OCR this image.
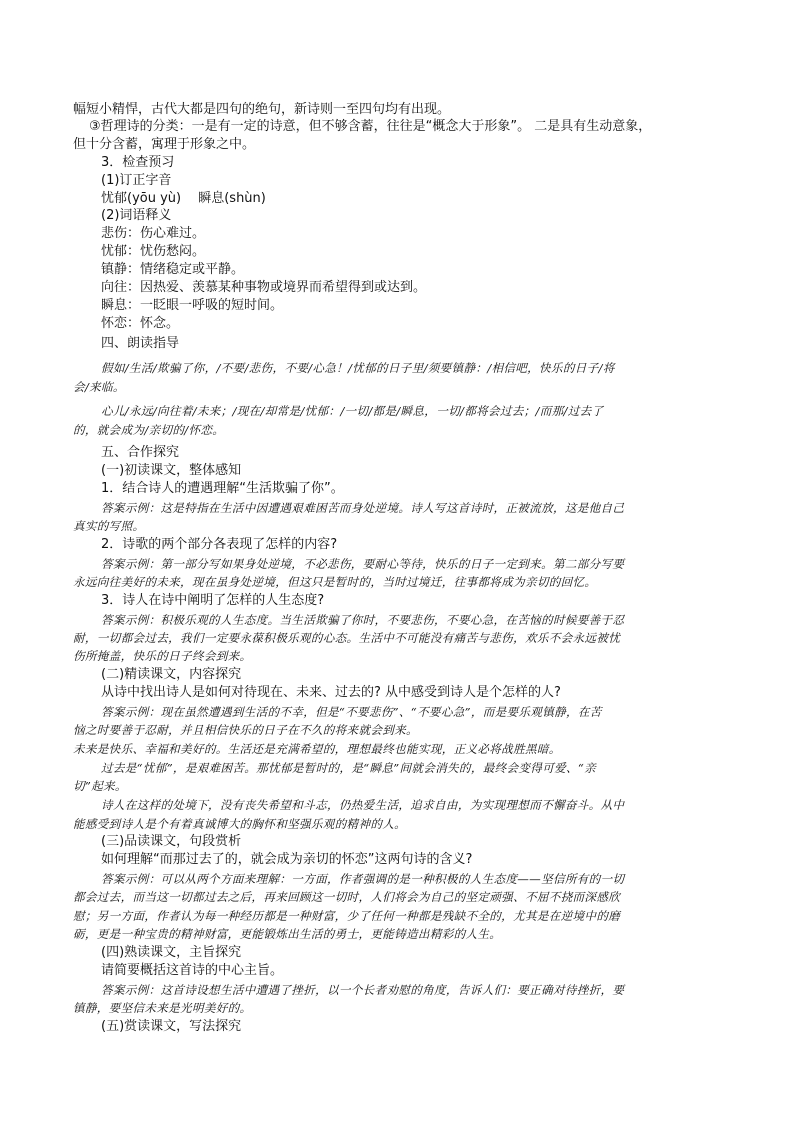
幅短小精悍，古代大都是四句的绝句，新诗则一至四句均有出现。
③哲理诗的分类：一是有一定的诗意，但不够含蓄，往往是“概念大于形象”。 二是具有生动意象，
但十分含蓄，寓理于形象之中。
3．检查预习
(1)订正字音
忧郁(yōu yù)　 瞬息(shùn)
(2)词语释义
悲伤：伤心难过。
忧郁：忧伤愁闷。
镇静：情绪稳定或平静。
向往：因热爱、羡慕某种事物或境界而希望得到或达到。
瞬息：一眨眼一呼吸的短时间。
怀恋：怀念。
四、朗读指导
假如/生活/欺骗了你，/不要/悲伤，不要/心急！/忧郁的日子里/须要镇静：/相信吧，快乐的日子/将
会/来临。
心儿/永远/向往着/未来；/现在/却常是/忧郁：/一切/都是/瞬息，一切/都将会过去；/而那/过去了
的，就会成为/亲切的/怀恋。
五、合作探究
(一)初读课文，整体感知
1．结合诗人的遭遇理解“生活欺骗了你”。
答案示例：这是特指在生活中因遭遇艰难困苦而身处逆境。诗人写这首诗时，正被流放，这是他自己
真实的写照。
2．诗歌的两个部分各表现了怎样的内容?
答案示例：第一部分写如果身处逆境，不必悲伤，要耐心等待，快乐的日子一定到来。第二部分写要
永远向往美好的未来，现在虽身处逆境，但这只是暂时的，当时过境迁，往事都将成为亲切的回忆。
3．诗人在诗中阐明了怎样的人生态度?
答案示例：积极乐观的人生态度。当生活欺骗了你时，不要悲伤，不要心急，在苦恼的时候要善于忍
耐，一切都会过去，我们一定要永葆积极乐观的心态。生活中不可能没有痛苦与悲伤，欢乐不会永远被忧
伤所掩盖，快乐的日子终会到来。
(二)精读课文，内容探究
从诗中找出诗人是如何对待现在、未来、过去的? 从中感受到诗人是个怎样的人?
答案示例：现在虽然遭遇到生活的不幸，但是“不要悲伤”、“不要心急”，而是要乐观镇静，在苦
恼之时要善于忍耐，并且相信快乐的日子在不久的将来就会到来。
未来是快乐、幸福和美好的。生活还是充满希望的，理想最终也能实现，正义必将战胜黑暗。
过去是“忧郁”，是艰难困苦。那忧郁是暂时的，是“瞬息”间就会消失的，最终会变得可爱、“亲
切”起来。
诗人在这样的处境下，没有丧失希望和斗志，仍热爱生活，追求自由，为实现理想而不懈奋斗。从中
能感受到诗人是个有着真诚博大的胸怀和坚强乐观的精神的人。
(三)品读课文，句段赏析
如何理解“而那过去了的，就会成为亲切的怀恋”这两句诗的含义?
答案示例：可以从两个方面来理解：一方面，作者强调的是一种积极的人生态度——坚信所有的一切
都会过去，而当这一切都过去之后，再来回顾这一切时，人们将会为自己的坚定顽强、不屈不挠而深感欣
慰；另一方面，作者认为每一种经历都是一种财富，少了任何一种都是残缺不全的，尤其是在逆境中的磨
砺，更是一种宝贵的精神财富，更能锻炼出生活的勇士，更能铸造出精彩的人生。
(四)熟读课文，主旨探究
请简要概括这首诗的中心主旨。
答案示例：这首诗设想生活中遭遇了挫折，以一个长者劝慰的角度，告诉人们：要正确对待挫折，要
镇静，要坚信未来是光明美好的。
(五)赏读课文，写法探究
